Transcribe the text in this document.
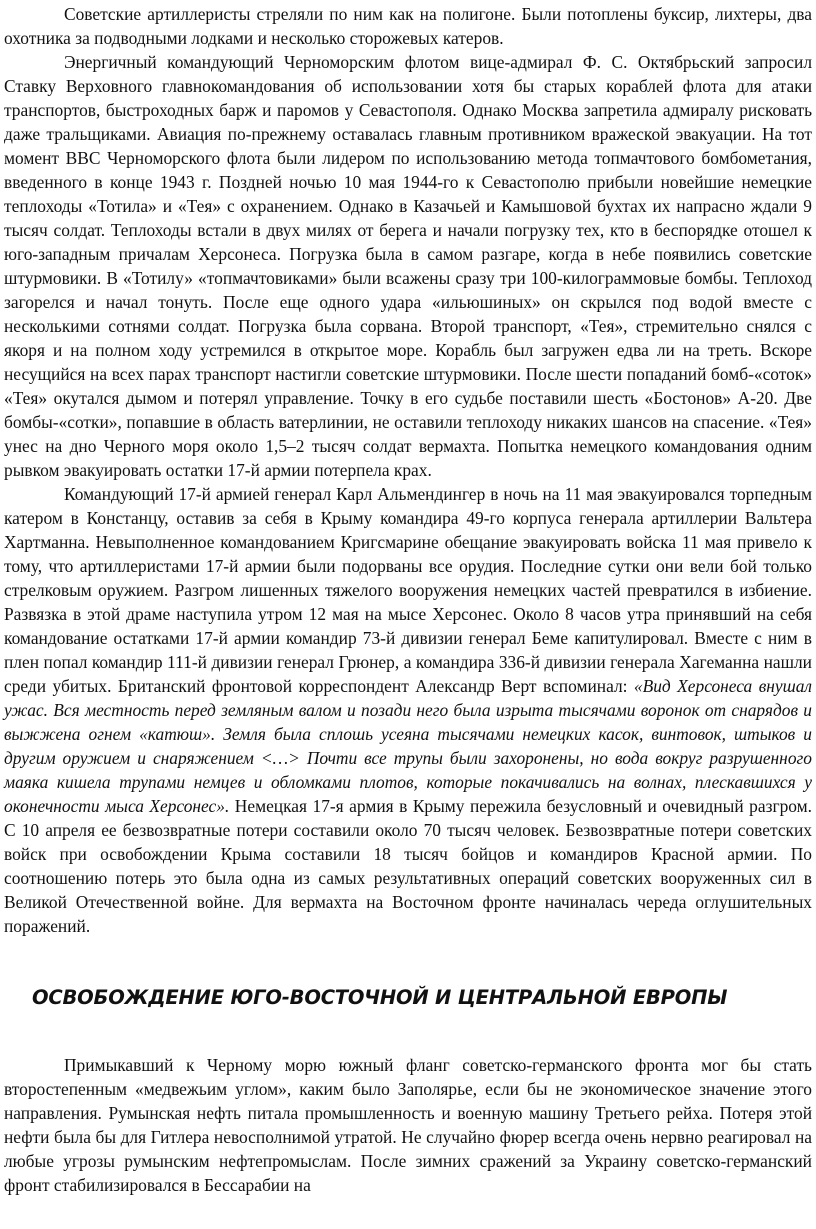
Советские артиллеристы стреляли по ним как на полигоне. Были потоплены буксир, лихтеры, два охотника за подводными лодками и несколько сторожевых катеров.

Энергичный командующий Черноморским флотом вице-адмирал Ф. С. Октябрьский запросил Ставку Верховного главнокомандования об использовании хотя бы старых кораблей флота для атаки транспортов, быстроходных барж и паромов у Севастополя. Однако Москва запретила адмиралу рисковать даже тральщиками. Авиация по-прежнему оставалась главным противником вражеской эвакуации. На тот момент ВВС Черноморского флота были лидером по использованию метода топмачтового бомбометания, введенного в конце 1943 г. Поздней ночью 10 мая 1944-го к Севастополю прибыли новейшие немецкие теплоходы «Тотила» и «Тея» с охранением. Однако в Казачьей и Камышовой бухтах их напрасно ждали 9 тысяч солдат. Теплоходы встали в двух милях от берега и начали погрузку тех, кто в беспорядке отошел к юго-западным причалам Херсонеса. Погрузка была в самом разгаре, когда в небе появились советские штурмовики. В «Тотилу» «топмачтовиками» были всажены сразу три 100-килограммовые бомбы. Теплоход загорелся и начал тонуть. После еще одного удара «ильюшиных» он скрылся под водой вместе с несколькими сотнями солдат. Погрузка была сорвана. Второй транспорт, «Тея», стремительно снялся с якоря и на полном ходу устремился в открытое море. Корабль был загружен едва ли на треть. Вскоре несущийся на всех парах транспорт настигли советские штурмовики. После шести попаданий бомб-«соток» «Тея» окутался дымом и потерял управление. Точку в его судьбе поставили шесть «Бостонов» А-20. Две бомбы-«сотки», попавшие в область ватерлинии, не оставили теплоходу никаких шансов на спасение. «Тея» унес на дно Черного моря около 1,5–2 тысяч солдат вермахта. Попытка немецкого командования одним рывком эвакуировать остатки 17-й армии потерпела крах.

Командующий 17-й армией генерал Карл Альмендингер в ночь на 11 мая эвакуировался торпедным катером в Констанцу, оставив за себя в Крыму командира 49-го корпуса генерала артиллерии Вальтера Хартманна. Невыполненное командованием Кригсмарине обещание эвакуировать войска 11 мая привело к тому, что артиллеристами 17-й армии были подорваны все орудия. Последние сутки они вели бой только стрелковым оружием. Разгром лишенных тяжелого вооружения немецких частей превратился в избиение. Развязка в этой драме наступила утром 12 мая на мысе Херсонес. Около 8 часов утра принявший на себя командование остатками 17-й армии командир 73-й дивизии генерал Беме капитулировал. Вместе с ним в плен попал командир 111-й дивизии генерал Грюнер, а командира 336-й дивизии генерала Хагеманна нашли среди убитых. Британский фронтовой корреспондент Александр Верт вспоминал: «Вид Херсонеса внушал ужас. Вся местность перед земляным валом и позади него была изрыта тысячами воронок от снарядов и выжжена огнем «катюш». Земля была сплошь усеяна тысячами немецких касок, винтовок, штыков и другим оружием и снаряжением <…> Почти все трупы были захоронены, но вода вокруг разрушенного маяка кишела трупами немцев и обломками плотов, которые покачивались на волнах, плескавшихся у оконечности мыса Херсонес». Немецкая 17-я армия в Крыму пережила безусловный и очевидный разгром. С 10 апреля ее безвозвратные потери составили около 70 тысяч человек. Безвозвратные потери советских войск при освобождении Крыма составили 18 тысяч бойцов и командиров Красной армии. По соотношению потерь это была одна из самых результативных операций советских вооруженных сил в Великой Отечественной войне. Для вермахта на Восточном фронте начиналась череда оглушительных поражений.

ОСВОБОЖДЕНИЕ ЮГО-ВОСТОЧНОЙ И ЦЕНТРАЛЬНОЙ ЕВРОПЫ

Примыкавший к Черному морю южный фланг советско-германского фронта мог бы стать второстепенным «медвежьим углом», каким было Заполярье, если бы не экономическое значение этого направления. Румынская нефть питала промышленность и военную машину Третьего рейха. Потеря этой нефти была бы для Гитлера невосполнимой утратой. Не случайно фюрер всегда очень нервно реагировал на любые угрозы румынским нефтепромыслам. После зимних сражений за Украину советско-германский фронт стабилизировался в Бессарабии на
